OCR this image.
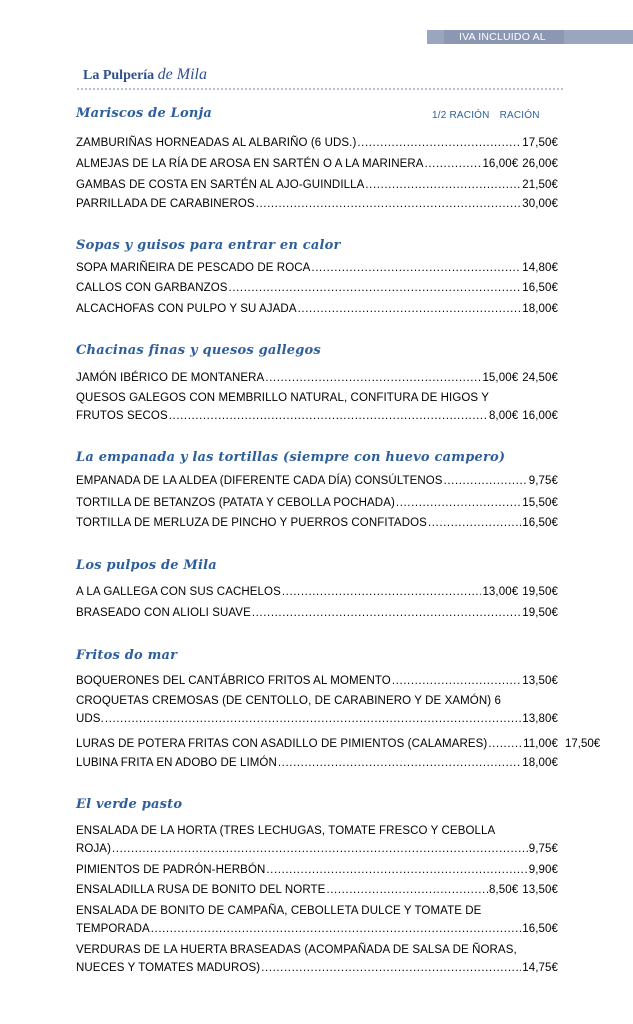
IVA INCLUIDO AL
La Pulpería de Mila
Mariscos de Lonja	1/2 RACIÓN RACIÓN
ZAMBURIÑAS HORNEADAS AL ALBARIÑO (6 UDS.) .....	17,50€
ALMEJAS DE LA RÍA DE AROSA EN SARTÉN O A LA MARINERA .....	16,00€ 26,00€
GAMBAS DE COSTA EN SARTÉN AL AJO-GUINDILLA .....	21,50€
PARRILLADA DE CARABINEROS .....	30,00€
Sopas y guisos para entrar en calor
SOPA MARIÑEIRA DE PESCADO DE ROCA .....	14,80€
CALLOS CON GARBANZOS .....	16,50€
ALCACHOFAS CON PULPO Y SU AJADA .....	18,00€
Chacinas finas y quesos gallegos
JAMÓN IBÉRICO DE MONTANERA .....	15,00€ 24,50€
QUESOS GALEGOS CON MEMBRILLO NATURAL, CONFITURA DE HIGOS Y
FRUTOS SECOS .....	8,00€ 16,00€
La empanada y las tortillas (siempre con huevo campero)
EMPANADA DE LA ALDEA (DIFERENTE CADA DÍA) CONSÚLTENOS .....	9,75€
TORTILLA DE BETANZOS (PATATA Y CEBOLLA POCHADA) .....	15,50€
TORTILLA DE MERLUZA DE PINCHO Y PUERROS CONFITADOS .....	16,50€
Los pulpos de Mila
A LA GALLEGA CON SUS CACHELOS .....	13,00€ 19,50€
BRASEADO CON ALIOLI SUAVE .....	19,50€
Fritos do mar
BOQUERONES DEL CANTÁBRICO FRITOS AL MOMENTO .....	13,50€
CROQUETAS CREMOSAS (DE CENTOLLO, DE CARABINERO Y DE XAMÓN) 6
UDS. .....	13,80€
LURAS DE POTERA FRITAS CON ASADILLO DE PIMIENTOS (CALAMARES) .....	11,00€ 17,50€
LUBINA FRITA EN ADOBO DE LIMÓN .....	18,00€
El verde pasto
ENSALADA DE LA HORTA (TRES LECHUGAS, TOMATE FRESCO Y CEBOLLA
ROJA) .....	9,75€
PIMIENTOS DE PADRÓN-HERBÓN .....	9,90€
ENSALADILLA RUSA DE BONITO DEL NORTE .....	8,50€ 13,50€
ENSALADA DE BONITO DE CAMPAÑA, CEBOLLETA DULCE Y TOMATE DE
TEMPORADA .....	16,50€
VERDURAS DE LA HUERTA BRASEADAS (ACOMPAÑADA DE SALSA DE ÑORAS,
NUECES Y TOMATES MADUROS) .....	14,75€
